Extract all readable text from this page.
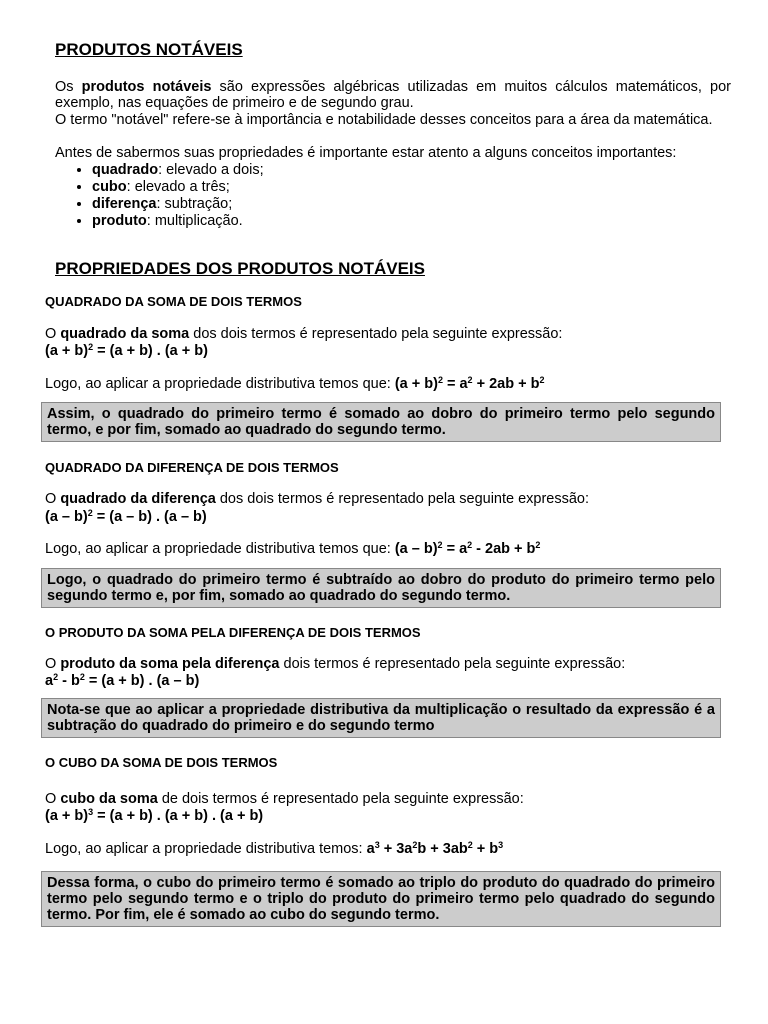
PRODUTOS NOTÁVEIS
Os produtos notáveis são expressões algébricas utilizadas em muitos cálculos matemáticos, por exemplo, nas equações de primeiro e de segundo grau.
O termo "notável" refere-se à importância e notabilidade desses conceitos para a área da matemática.
Antes de sabermos suas propriedades é importante estar atento a alguns conceitos importantes:
• quadrado: elevado a dois;
• cubo: elevado a três;
• diferença: subtração;
• produto: multiplicação.
PROPRIEDADES DOS PRODUTOS NOTÁVEIS
QUADRADO DA SOMA DE DOIS TERMOS
O quadrado da soma dos dois termos é representado pela seguinte expressão:
$(a + b)^2 = (a + b)$ . (a + b)
Logo, ao aplicar a propriedade distributiva temos que: $(a + b)^2 = a^2 + 2ab + b^2$
Assim, o quadrado do primeiro termo é somado ao dobro do primeiro termo pelo segundo termo, e por fim, somado ao quadrado do segundo termo.
QUADRADO DA DIFERENÇA DE DOIS TERMOS
O quadrado da diferença dos dois termos é representado pela seguinte expressão:
(a – b)$^2$ = (a – b) . (a – b)
Logo, ao aplicar a propriedade distributiva temos que: $(a - b)^2 = a^2 - 2ab + b^2$
Logo, o quadrado do primeiro termo é subtraído ao dobro do produto do primeiro termo pelo segundo termo e, por fim, somado ao quadrado do segundo termo.
O PRODUTO DA SOMA PELA DIFERENÇA DE DOIS TERMOS
O produto da soma pela diferença dois termos é representado pela seguinte expressão:
$a^2 - b^2 = (a + b)$ . (a – b)
Nota-se que ao aplicar a propriedade distributiva da multiplicação o resultado da expressão é a subtração do quadrado do primeiro e do segundo termo
O CUBO DA SOMA DE DOIS TERMOS
O cubo da soma de dois termos é representado pela seguinte expressão:
$(a + b)^3 = (a + b)$ . (a + b) . (a + b)
Logo, ao aplicar a propriedade distributiva temos: $a^3 + 3a^2b + 3ab^2 + b^3$
Dessa forma, o cubo do primeiro termo é somado ao triplo do produto do quadrado do primeiro termo pelo segundo termo e o triplo do produto do primeiro termo pelo quadrado do segundo termo. Por fim, ele é somado ao cubo do segundo termo.
